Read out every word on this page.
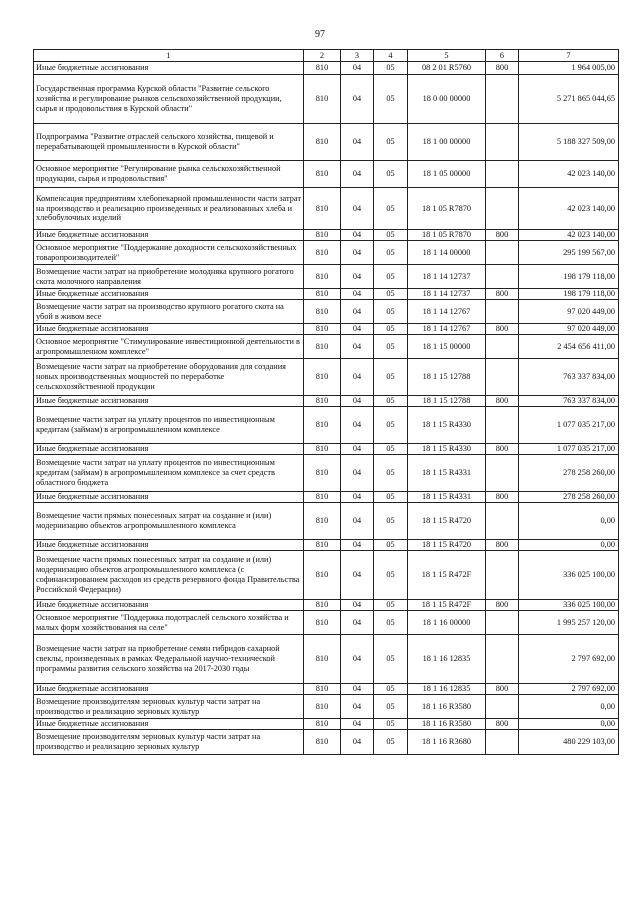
97
1	2	3	4	5	6	7
Иные бюджетные ассигнования	810	04	05	08 2 01 R5760	800	1 964 005,00
Государственная программа Курской области "Развитие сельского хозяйства и регулирование рынков сельскохозяйственной продукции, сырья и продовольствия в Курской области"	810	04	05	18 0 00 00000		5 271 865 044,65
Подпрограмма "Развитие отраслей сельского хозяйства, пищевой и перерабатывающей промышленности в Курской области"	810	04	05	18 1 00 00000		5 188 327 509,00
Основное мероприятие "Регулирование рынка сельскохозяйственной продукции, сырья и продовольствия"	810	04	05	18 1 05 00000		42 023 140,00
Компенсация предприятиям хлебопекарной промышленности части затрат на производство и реализацию произведенных и реализованных хлеба и хлебобулочных изделий	810	04	05	18 1 05 R7870		42 023 140,00
Иные бюджетные ассигнования	810	04	05	18 1 05 R7870	800	42 023 140,00
Основное мероприятие "Поддержание доходности сельскохозяйственных товаропроизводителей"	810	04	05	18 1 14 00000		295 199 567,00
Возмещение части затрат на приобретение молодняка крупного рогатого скота молочного направления	810	04	05	18 1 14 12737		198 179 118,00
Иные бюджетные ассигнования	810	04	05	18 1 14 12737	800	198 179 118,00
Возмещение части затрат на производство крупного рогатого скота на убой в живом весе	810	04	05	18 1 14 12767		97 020 449,00
Иные бюджетные ассигнования	810	04	05	18 1 14 12767	800	97 020 449,00
Основное мероприятие "Стимулирование инвестиционной деятельности в агропромышленном комплексе"	810	04	05	18 1 15 00000		2 454 656 411,00
Возмещение части затрат на приобретение оборудования для создания новых производственных мощностей по переработке сельскохозяйственной продукции	810	04	05	18 1 15 12788		763 337 834,00
Иные бюджетные ассигнования	810	04	05	18 1 15 12788	800	763 337 834,00
Возмещение части затрат на уплату процентов по инвестиционным кредитам (займам) в агропромышленном комплексе	810	04	05	18 1 15 R4330		1 077 035 217,00
Иные бюджетные ассигнования	810	04	05	18 1 15 R4330	800	1 077 035 217,00
Возмещение части затрат на уплату процентов по инвестиционным кредитам (займам) в агропромышленном комплексе за счет средств областного бюджета	810	04	05	18 1 15 R4331		278 258 260,00
Иные бюджетные ассигнования	810	04	05	18 1 15 R4331	800	278 258 260,00
Возмещение части прямых понесенных затрат на создание и (или) модернизацию объектов агропромышленного комплекса	810	04	05	18 1 15 R4720		0,00
Иные бюджетные ассигнования	810	04	05	18 1 15 R4720	800	0,00
Возмещение части прямых понесенных затрат на создание и (или) модернизацию объектов агропромышленного комплекса (с софинансированием расходов из средств резервного фонда Правительства Российской Федерации)	810	04	05	18 1 15 R472F		336 025 100,00
Иные бюджетные ассигнования	810	04	05	18 1 15 R472F	800	336 025 100,00
Основное мероприятие "Поддержка подотраслей сельского хозяйства и малых форм хозяйствования на селе"	810	04	05	18 1 16 00000		1 995 257 120,00
Возмещение части затрат на приобретение семян гибридов сахарной свеклы, произведенных в рамках Федеральной научно-технической программы развития сельского хозяйства на 2017-2030 годы	810	04	05	18 1 16 12835		2 797 692,00
Иные бюджетные ассигнования	810	04	05	18 1 16 12835	800	2 797 692,00
Возмещение производителям зерновых культур части затрат на производство и реализацию зерновых культур	810	04	05	18 1 16 R3580		0,00
Иные бюджетные ассигнования	810	04	05	18 1 16 R3580	800	0,00
Возмещение производителям зерновых культур части затрат на производство и реализацию зерновых культур	810	04	05	18 1 16 R3680		480 229 103,00
